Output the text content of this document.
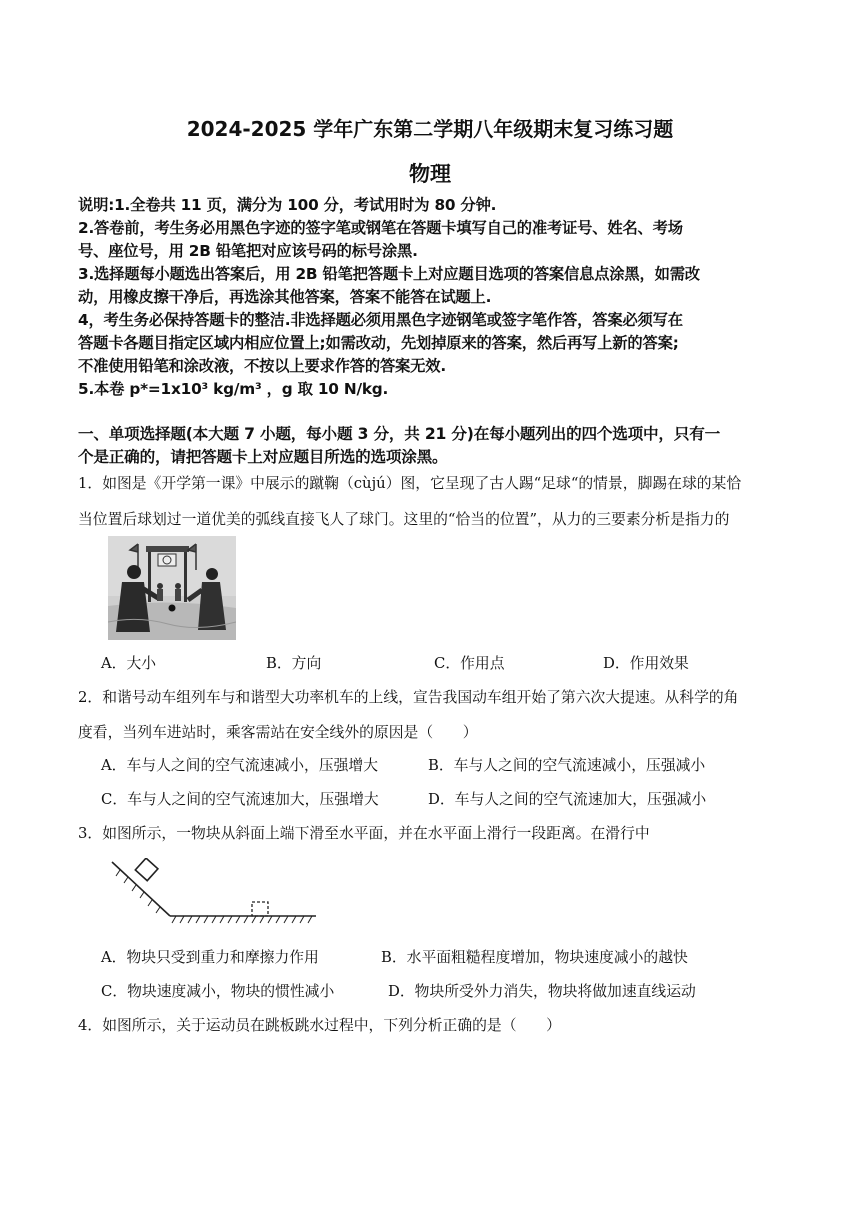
2024-2025 学年广东第二学期八年级期末复习练习题
物理
说明:1.全卷共 11 页，满分为 100 分，考试用时为 80 分钟.
2.答卷前，考生务必用黑色字迹的签字笔或钢笔在答题卡填写自己的准考证号、姓名、考场
号、座位号，用 2B 铅笔把对应该号码的标号涂黑.
3.选择题每小题选出答案后，用 2B 铅笔把答题卡上对应题目选项的答案信息点涂黑，如需改
动，用橡皮擦干净后，再选涂其他答案，答案不能答在试题上.
4，考生务必保持答题卡的整洁.非选择题必须用黑色字迹钢笔或签字笔作答，答案必须写在
答题卡各题目指定区域内相应位置上;如需改动，先划掉原来的答案，然后再写上新的答案;
不准使用铅笔和涂改液，不按以上要求作答的答案无效.
5.本卷 p*=1x10³ kg/m³ ，g 取 10 N/kg.
一、单项选择题(本大题 7 小题，每小题 3 分，共 21 分)在每小题列出的四个选项中，只有一
个是正确的，请把答题卡上对应题目所选的选项涂黑。
1．如图是《开学第一课》中展示的蹴鞠（cùjú）图，它呈现了古人踢“足球“的情景，脚踢在球的某恰
当位置后球划过一道优美的弧线直接飞人了球门。这里的“恰当的位置”，从力的三要素分析是指力的
A．大小	B．方向	C．作用点	D．作用效果
2．和谐号动车组列车与和谐型大功率机车的上线，宣告我国动车组开始了第六次大提速。从科学的角
度看，当列车进站时，乘客需站在安全线外的原因是（　　）
A．车与人之间的空气流速减小，压强增大	B．车与人之间的空气流速减小，压强减小
C．车与人之间的空气流速加大，压强增大	D．车与人之间的空气流速加大，压强减小
3．如图所示，一物块从斜面上端下滑至水平面，并在水平面上滑行一段距离。在滑行中
A．物块只受到重力和摩擦力作用	B．水平面粗糙程度增加，物块速度减小的越快
C．物块速度减小，物块的惯性减小	D．物块所受外力消失，物块将做加速直线运动
4．如图所示，关于运动员在跳板跳水过程中，下列分析正确的是（　　）
